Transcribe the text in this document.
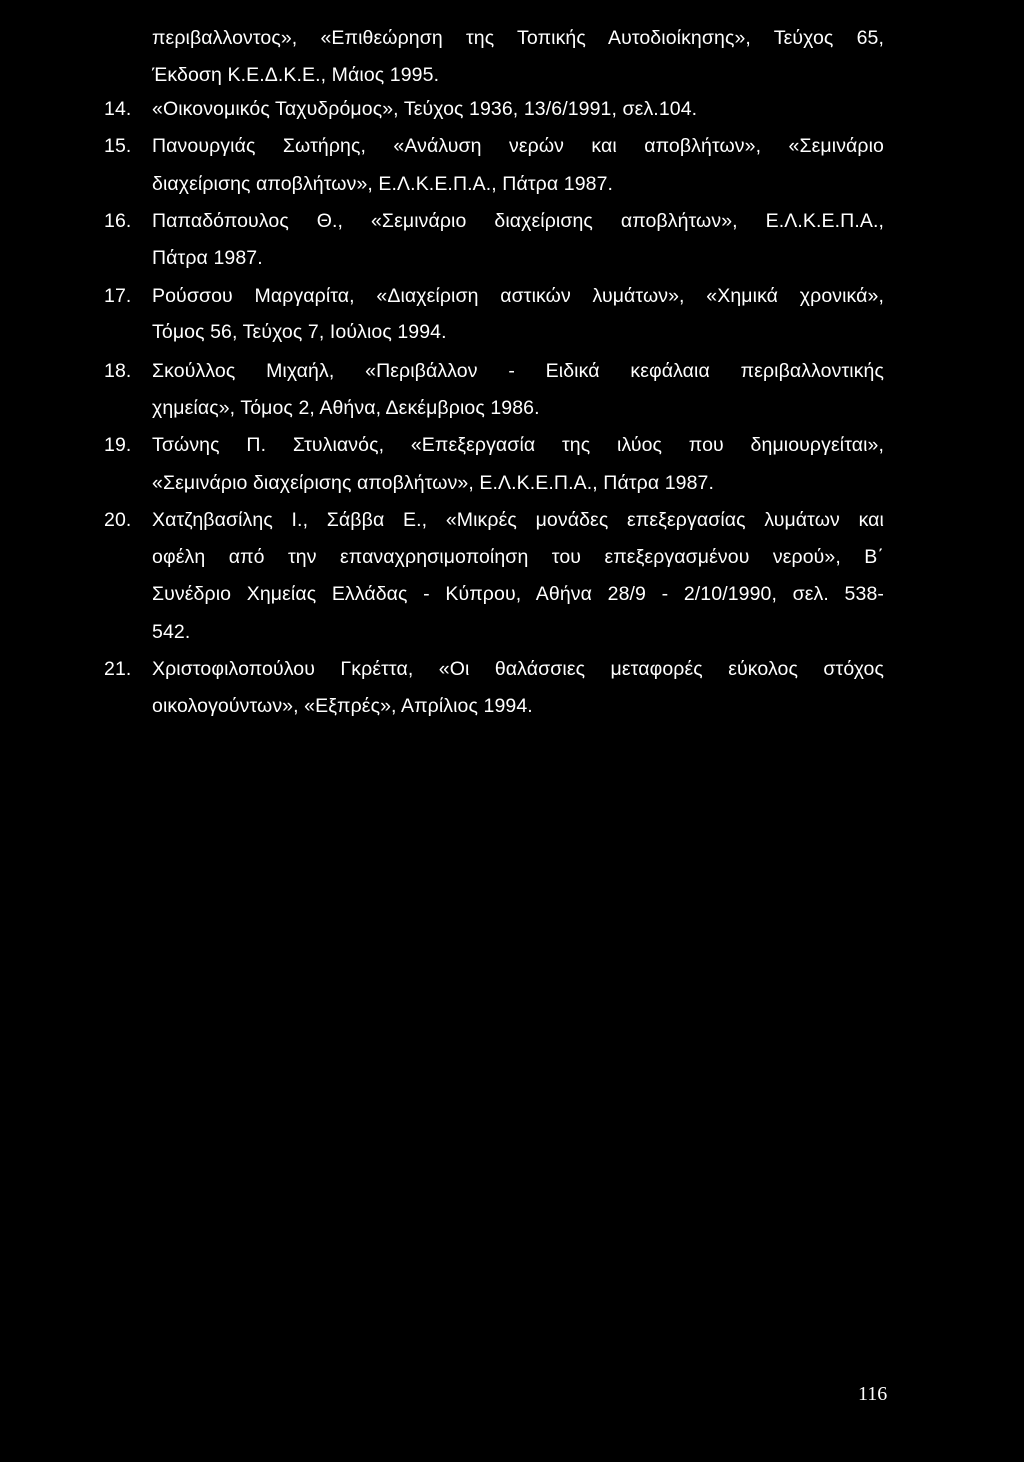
περιβαλλοντος», «Επιθεώρηση της Τοπικής Αυτοδιοίκησης», Τεύχος 65,
Έκδοση Κ.Ε.Δ.Κ.Ε., Μάιος 1995.
14.	«Οικονομικός Ταχυδρόμος», Τεύχος 1936, 13/6/1991, σελ.104.
15.	Πανουργιάς Σωτήρης, «Ανάλυση νερών και αποβλήτων», «Σεμινάριο
διαχείρισης αποβλήτων», Ε.Λ.Κ.Ε.Π.Α., Πάτρα 1987.
16.	Παπαδόπουλος Θ., «Σεμινάριο διαχείρισης αποβλήτων», Ε.Λ.Κ.Ε.Π.Α.,
Πάτρα 1987.
17.	Ρούσσου Μαργαρίτα, «Διαχείριση αστικών λυμάτων», «Χημικά χρονικά»,
Τόμος 56, Τεύχος 7, Ιούλιος 1994.
18.	Σκούλλος Μιχαήλ, «Περιβάλλον - Ειδικά κεφάλαια περιβαλλοντικής
χημείας», Τόμος 2, Αθήνα, Δεκέμβριος 1986.
19.	Τσώνης Π. Στυλιανός, «Επεξεργασία της ιλύος που δημιουργείται»,
«Σεμινάριο διαχείρισης αποβλήτων», Ε.Λ.Κ.Ε.Π.Α., Πάτρα 1987.
20.	Χατζηβασίλης Ι., Σάββα Ε., «Μικρές μονάδες επεξεργασίας λυμάτων και
οφέλη από την επαναχρησιμοποίηση του επεξεργασμένου νερού», Β΄
Συνέδριο Χημείας Ελλάδας - Κύπρου, Αθήνα 28/9 - 2/10/1990, σελ. 538-
542.
21.	Χριστοφιλοπούλου Γκρέττα, «Οι θαλάσσιες μεταφορές εύκολος στόχος
οικολογούντων», «Εξπρές», Απρίλιος 1994.
116
